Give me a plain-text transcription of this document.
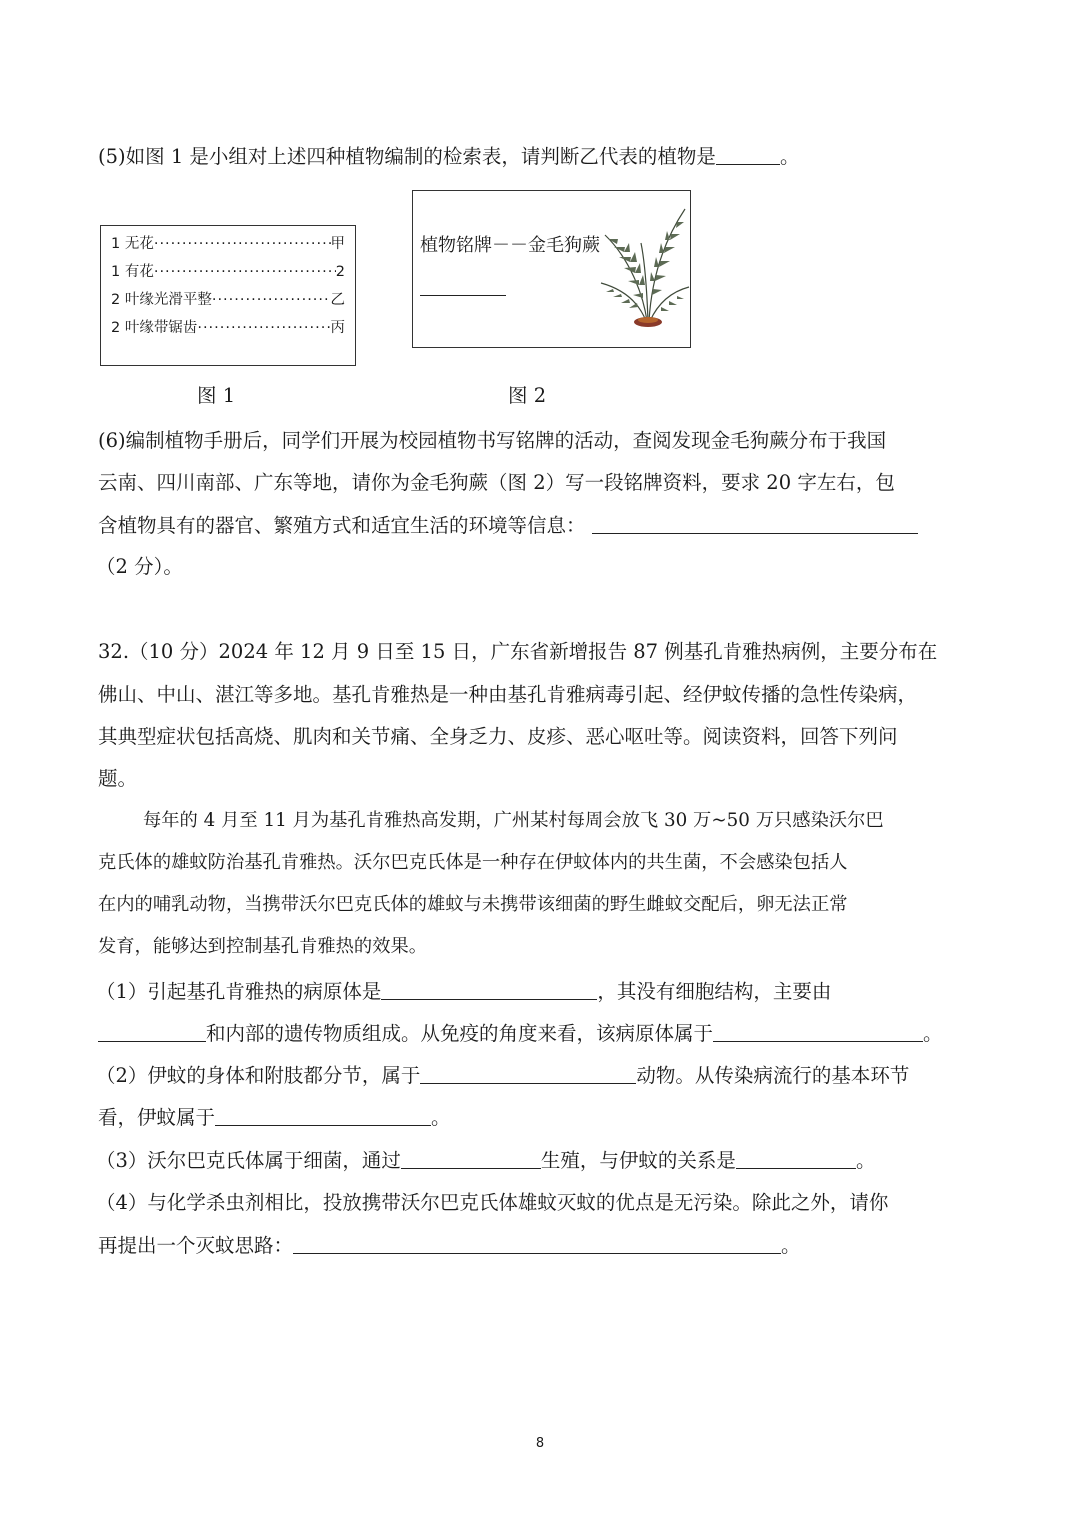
(5)如图 1 是小组对上述四种植物编制的检索表，请判断乙代表的植物是	。
1 无花 ·····	甲
1 有花 ·····	2
2 叶缘光滑平整 ·····	乙
2 叶缘带锯齿 ·····	丙
图 1
植物铭牌－－金毛狗蕨
图 2
(6)编制植物手册后，同学们开展为校园植物书写铭牌的活动，查阅发现金毛狗蕨分布于我国
云南、四川南部、广东等地，请你为金毛狗蕨（图 2）写一段铭牌资料，要求 20 字左右，包
含植物具有的器官、繁殖方式和适宜生活的环境等信息：
（2 分）。
32.（10 分）2024 年 12 月 9 日至 15 日，广东省新增报告 87 例基孔肯雅热病例，主要分布在
佛山、中山、湛江等多地。基孔肯雅热是一种由基孔肯雅病毒引起、经伊蚊传播的急性传染病，
其典型症状包括高烧、肌肉和关节痛、全身乏力、皮疹、恶心呕吐等。阅读资料，回答下列问
题。
每年的 4 月至 11 月为基孔肯雅热高发期，广州某村每周会放飞 30 万~50 万只感染沃尔巴
克氏体的雄蚊防治基孔肯雅热。沃尔巴克氏体是一种存在伊蚊体内的共生菌，不会感染包括人
在内的哺乳动物，当携带沃尔巴克氏体的雄蚊与未携带该细菌的野生雌蚊交配后，卵无法正常
发育，能够达到控制基孔肯雅热的效果。
（1）引起基孔肯雅热的病原体是	，其没有细胞结构，主要由
和内部的遗传物质组成。从免疫的角度来看，该病原体属于	。
（2）伊蚊的身体和附肢都分节，属于	动物。从传染病流行的基本环节
看，伊蚊属于	。
（3）沃尔巴克氏体属于细菌，通过	生殖，与伊蚊的关系是	。
（4）与化学杀虫剂相比，投放携带沃尔巴克氏体雄蚊灭蚊的优点是无污染。除此之外，请你
再提出一个灭蚊思路：	。
8
